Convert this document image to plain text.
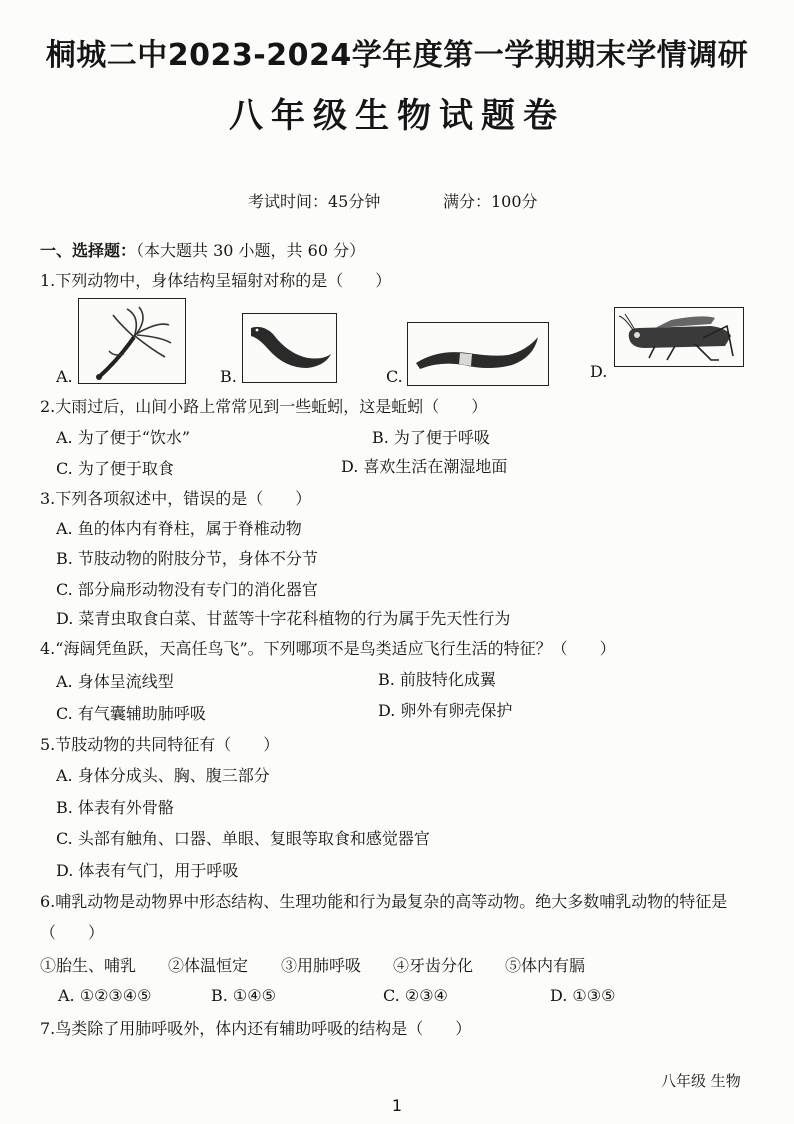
桐城二中2023-2024学年度第一学期期末学情调研
八年级生物试题卷
考试时间：45分钟	满分：100分
一、选择题：（本大题共 30 小题，共 60 分）
1.下列动物中，身体结构呈辐射对称的是（　　）
A.	B.	C.	D.
2.大雨过后，山间小路上常常见到一些蚯蚓，这是蚯蚓（　　）
A. 为了便于“饮水”	B. 为了便于呼吸
C. 为了便于取食	D. 喜欢生活在潮湿地面
3.下列各项叙述中，错误的是（　　）
A. 鱼的体内有脊柱，属于脊椎动物
B. 节肢动物的附肢分节，身体不分节
C. 部分扁形动物没有专门的消化器官
D. 菜青虫取食白菜、甘蓝等十字花科植物的行为属于先天性行为
4.“海阔凭鱼跃，天高任鸟飞”。下列哪项不是鸟类适应飞行生活的特征？（　　）
A. 身体呈流线型	B. 前肢特化成翼
C. 有气囊辅助肺呼吸	D. 卵外有卵壳保护
5.节肢动物的共同特征有（　　）
A. 身体分成头、胸、腹三部分
B. 体表有外骨骼
C. 头部有触角、口器、单眼、复眼等取食和感觉器官
D. 体表有气门，用于呼吸
6.哺乳动物是动物界中形态结构、生理功能和行为最复杂的高等动物。绝大多数哺乳动物的特征是
（　　）
①胎生、哺乳 ②体温恒定 ③用肺呼吸 ④牙齿分化 ⑤体内有膈
A. ①②③④⑤	B. ①④⑤	C. ②③④	D. ①③⑤
7.鸟类除了用肺呼吸外，体内还有辅助呼吸的结构是（　　）
八年级 生物
1
